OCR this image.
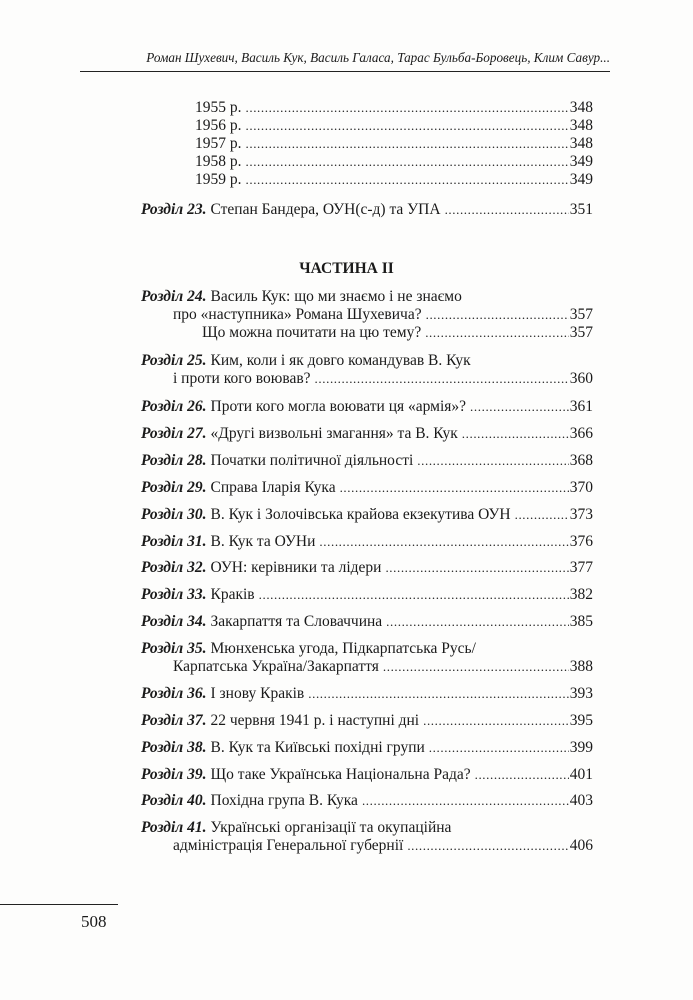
Роман Шухевич, Василь Кук, Василь Галаса, Тарас Бульба-Боровець, Клим Савур...
1955 р. .....	348
1956 р. .....	348
1957 р. .....	348
1958 р. .....	349
1959 р. .....	349
Розділ 23. Степан Бандера, ОУН(с-д) та УПА .....	351
ЧАСТИНА II
Розділ 24. Василь Кук: що ми знаємо і не знаємо
про «наступника» Романа Шухевича? .....	357
Що можна почитати на цю тему? .....	357
Розділ 25. Ким, коли і як довго командував В. Кук
і проти кого воював? .....	360
Розділ 26. Проти кого могла воювати ця «армія»? .....	361
Розділ 27. «Другі визвольні змагання» та В. Кук .....	366
Розділ 28. Початки політичної діяльності .....	368
Розділ 29. Справа Іларія Кука .....	370
Розділ 30. В. Кук і Золочівська крайова екзекутива ОУН .....	373
Розділ 31. В. Кук та ОУНи .....	376
Розділ 32. ОУН: керівники та лідери .....	377
Розділ 33. Краків .....	382
Розділ 34. Закарпаття та Словаччина .....	385
Розділ 35. Мюнхенська угода, Підкарпатська Русь/
Карпатська Україна/Закарпаття .....	388
Розділ 36. І знову Краків .....	393
Розділ 37. 22 червня 1941 р. і наступні дні .....	395
Розділ 38. В. Кук та Київські похідні групи .....	399
Розділ 39. Що таке Українська Національна Рада? .....	401
Розділ 40. Похідна група В. Кука .....	403
Розділ 41. Українські організації та окупаційна
адміністрація Генеральної губернії .....	406
508
